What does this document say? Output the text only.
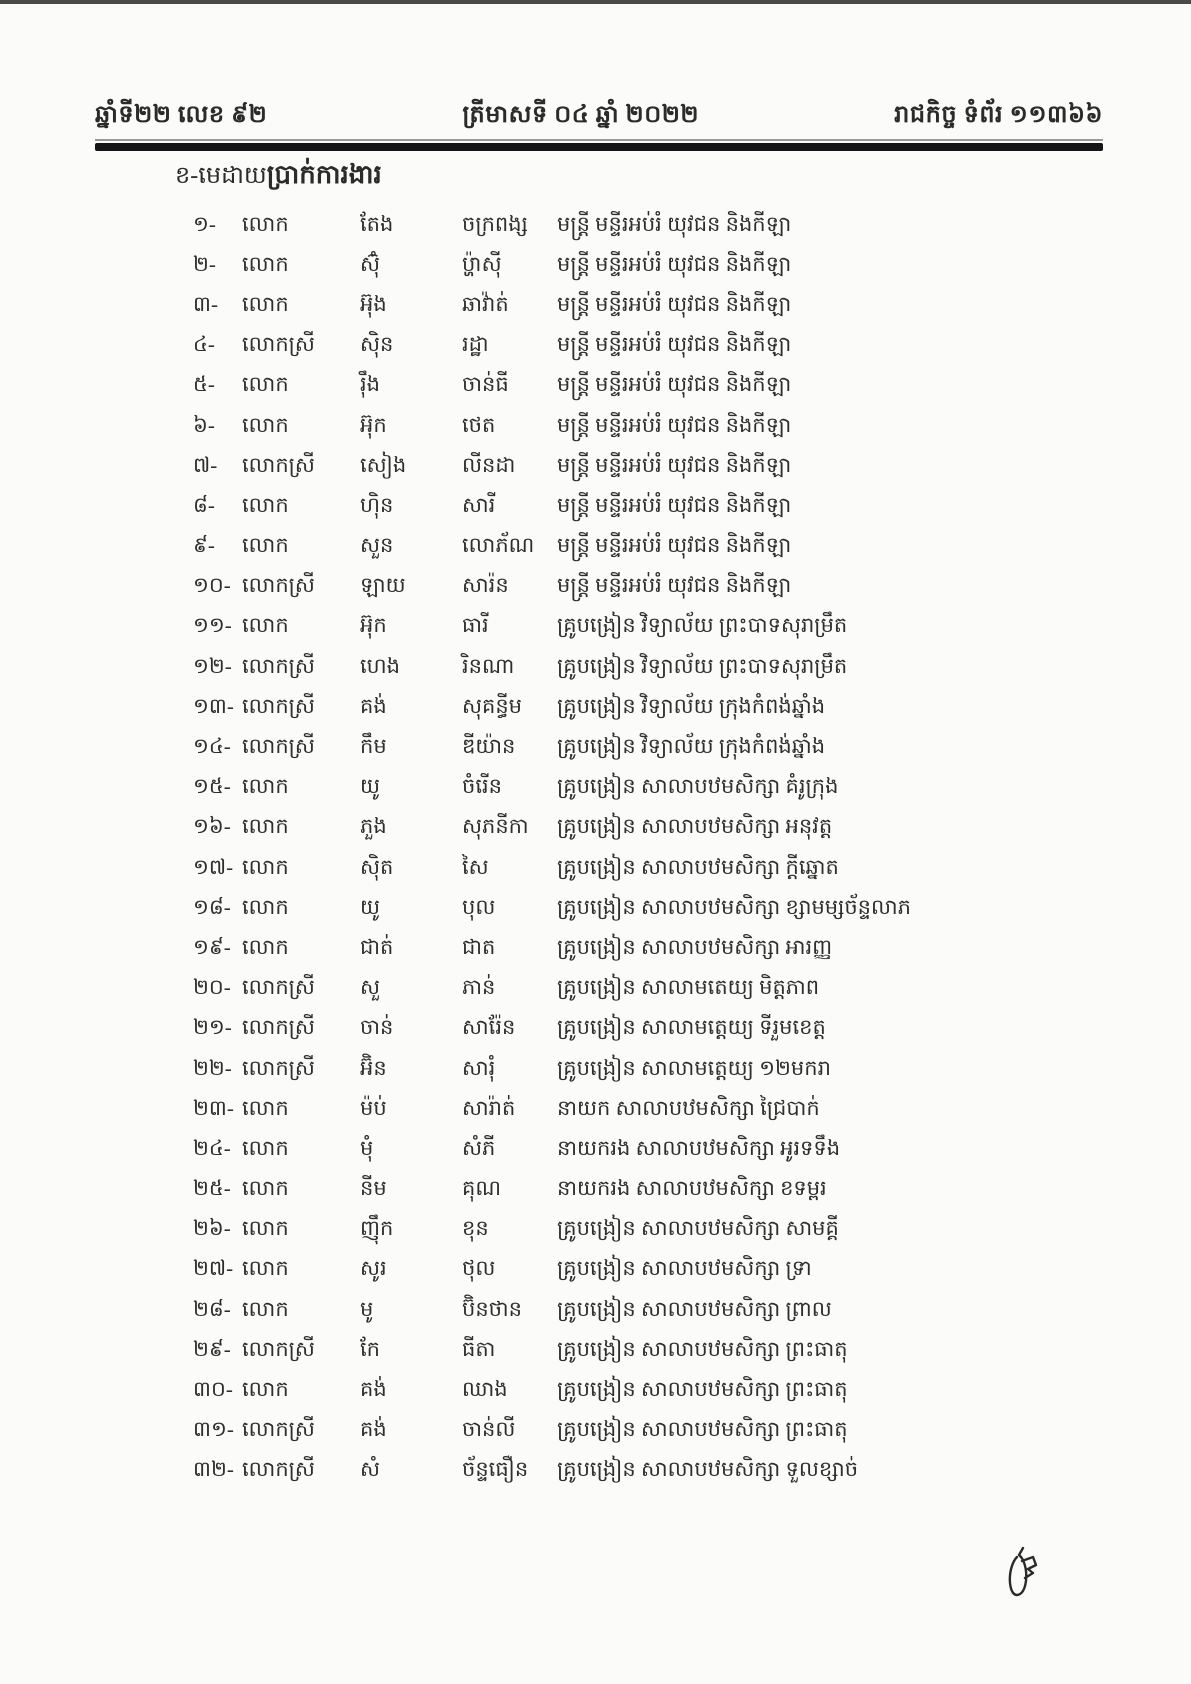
ឆ្នាំទី២២ លេខ ៩២	ត្រីមាសទី ០៤ ឆ្នាំ ២០២២	រាជកិច្ច ទំព័រ ១១៣៦៦
ខ-មេដាយប្រាក់ការងារ
១-	លោក	តែង	ចក្រពង្ស	មន្ត្រី មន្ទីរអប់រំ យុវជន និងកីឡា
២-	លោក	ស៊ុំ	ប្ហ៉ាស៊ី	មន្ត្រី មន្ទីរអប់រំ យុវជន និងកីឡា
៣-	លោក	អ៊ុង	ឆាវ៉ាត់	មន្ត្រី មន្ទីរអប់រំ យុវជន និងកីឡា
៤-	លោកស្រី	ស៊ិន	រដ្ឋា	មន្ត្រី មន្ទីរអប់រំ យុវជន និងកីឡា
៥-	លោក	រ៉ឹង	ចាន់ធី	មន្ត្រី មន្ទីរអប់រំ យុវជន និងកីឡា
៦-	លោក	អ៊ុក	ថេត	មន្ត្រី មន្ទីរអប់រំ យុវជន និងកីឡា
៧-	លោកស្រី	សៀង	លីនដា	មន្ត្រី មន្ទីរអប់រំ យុវជន និងកីឡា
៨-	លោក	ហ៊ិន	សារី	មន្ត្រី មន្ទីរអប់រំ យុវជន និងកីឡា
៩-	លោក	សួន	លោភ័ណ	មន្ត្រី មន្ទីរអប់រំ យុវជន និងកីឡា
១០- លោកស្រី	ឡាយ	សារ៉ន	មន្ត្រី មន្ទីរអប់រំ យុវជន និងកីឡា
១១- លោក	អ៊ុក	ធារី	គ្រូបង្រៀន វិទ្យាល័យ ព្រះបាទសុរាម្រឹត
១២- លោកស្រី	ហេង	រិនណា	គ្រូបង្រៀន វិទ្យាល័យ ព្រះបាទសុរាម្រឹត
១៣- លោកស្រី	គង់	សុគន្ធីម	គ្រូបង្រៀន វិទ្យាល័យ ក្រុងកំពង់ឆ្នាំង
១៤- លោកស្រី	កឹម	ឌីយ៉ាន	គ្រូបង្រៀន វិទ្យាល័យ ក្រុងកំពង់ឆ្នាំង
១៥- លោក	យូ	ចំរើន	គ្រូបង្រៀន សាលាបឋមសិក្សា គំរូក្រុង
១៦- លោក	ភួង	សុភនីកា	គ្រូបង្រៀន សាលាបឋមសិក្សា អនុវត្ត
១៧- លោក	ស៊ិត	សៃ	គ្រូបង្រៀន សាលាបឋមសិក្សា ក្ដីឆ្នោត
១៨- លោក	យូ	បុល	គ្រូបង្រៀន សាលាបឋមសិក្សា ខ្សាមម្សច័ន្ទលាភ
១៩- លោក	ជាត់	ជាត	គ្រូបង្រៀន សាលាបឋមសិក្សា អារញ្ញ
២០- លោកស្រី	សួ	ភាន់	គ្រូបង្រៀន សាលាមតេយ្យ មិត្តភាព
២១- លោកស្រី	ចាន់	សារ៉ែន	គ្រូបង្រៀន សាលាមត្តេយ្យ ទីរួមខេត្ត
២២- លោកស្រី	អ៊ិន	សារុំ	គ្រូបង្រៀន សាលាមត្តេយ្យ ១២មករា
២៣- លោក	ម៉ប់	សារ៉ាត់	នាយក សាលាបឋមសិក្សា ជ្រៃបាក់
២៤- លោក	មុំ	សំភី	នាយករង សាលាបឋមសិក្សា អូរទទឹង
២៥- លោក	នីម	គុណ	នាយករង សាលាបឋមសិក្សា ខទម្ពរ
២៦- លោក	ញ៉ឹក	ខុន	គ្រូបង្រៀន សាលាបឋមសិក្សា សាមគ្គី
២៧- លោក	សូរ	ថុល	គ្រូបង្រៀន សាលាបឋមសិក្សា ទ្រា
២៨- លោក	មូ	ប៊ិនថាន	គ្រូបង្រៀន សាលាបឋមសិក្សា ព្រាល
២៩- លោកស្រី	កែ	ធីតា	គ្រូបង្រៀន សាលាបឋមសិក្សា ព្រះធាតុ
៣០- លោក	គង់	ឈាង	គ្រូបង្រៀន សាលាបឋមសិក្សា ព្រះធាតុ
៣១- លោកស្រី	គង់	ចាន់លី	គ្រូបង្រៀន សាលាបឋមសិក្សា ព្រះធាតុ
៣២- លោកស្រី	សំ	ច័ន្ទធឿន	គ្រូបង្រៀន សាលាបឋមសិក្សា ទួលខ្សាច់
